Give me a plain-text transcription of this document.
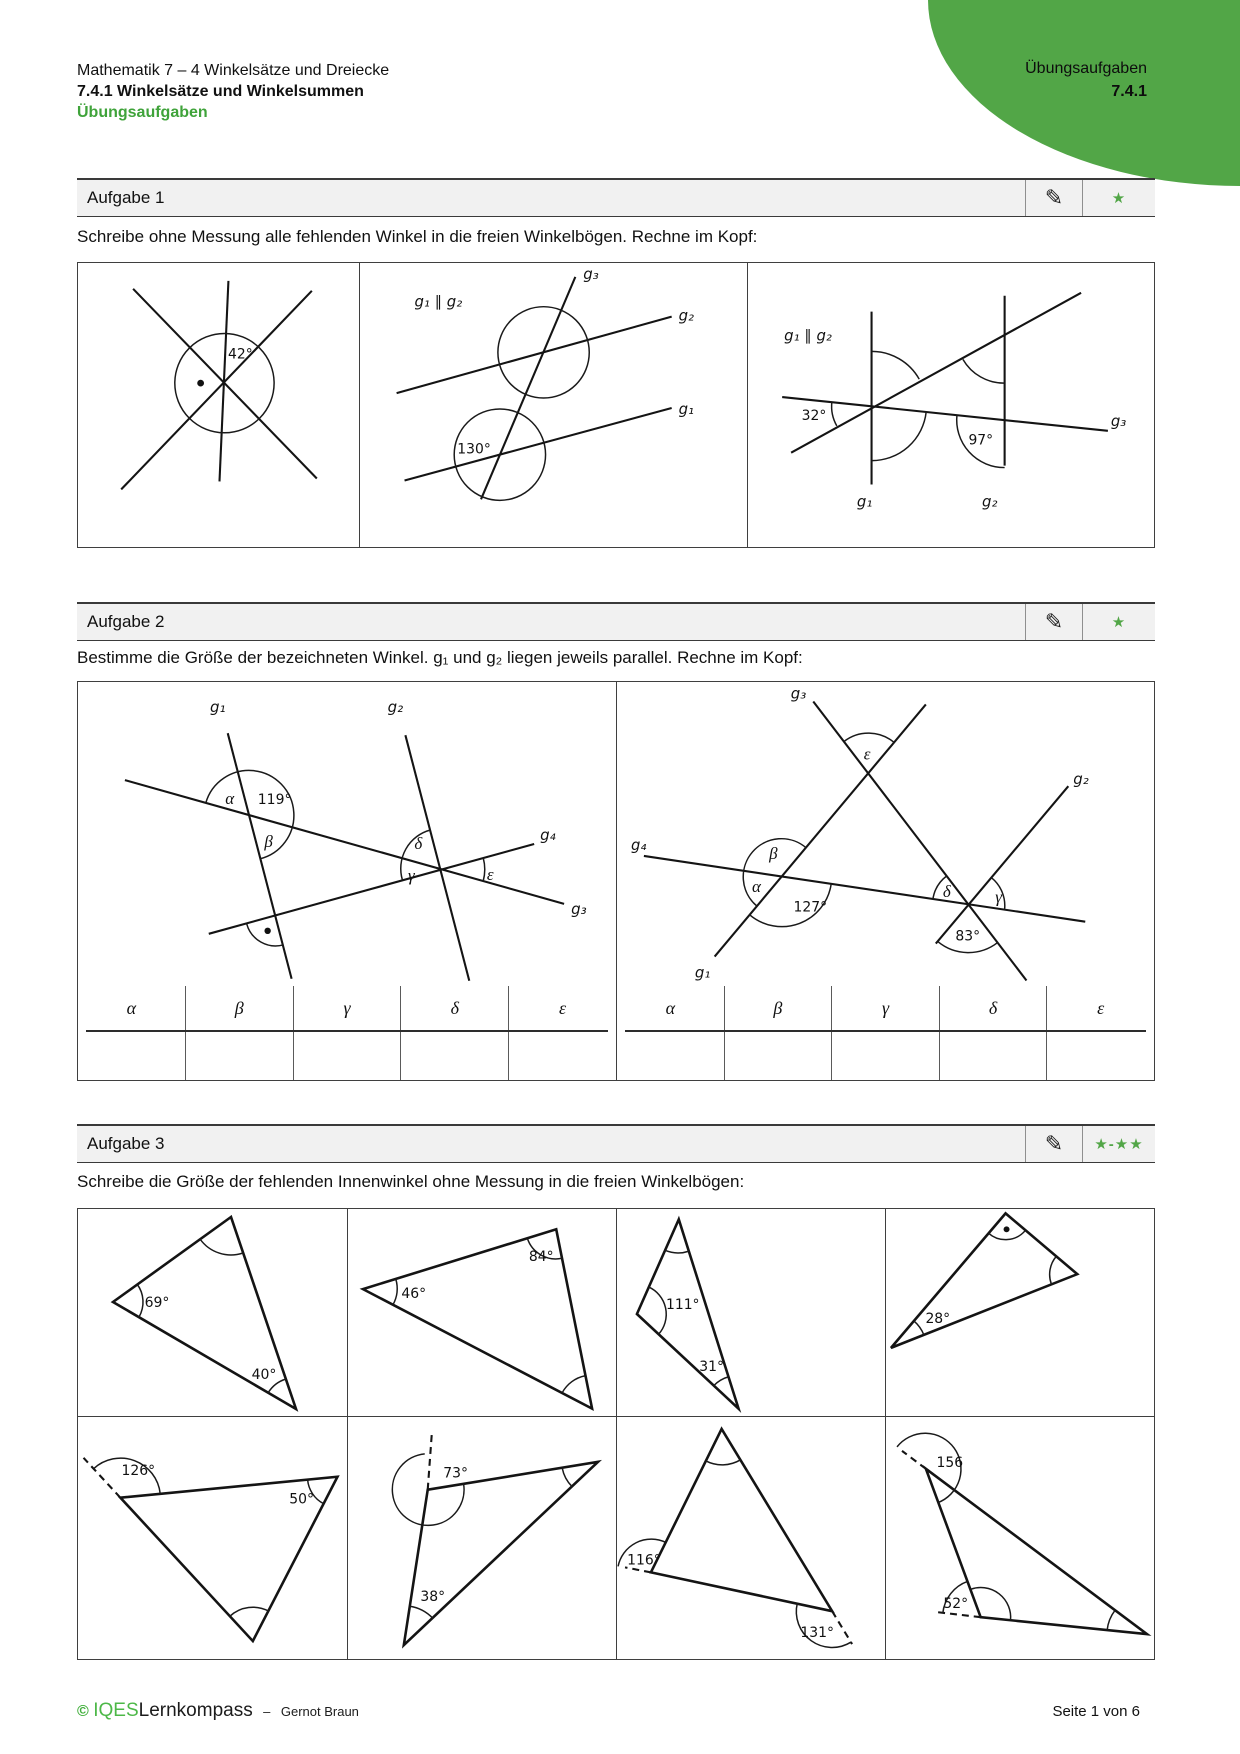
Übungsaufgaben
7.4.1
Mathematik 7 – 4 Winkelsätze und Dreiecke
7.4.1 Winkelsätze und Winkelsummen
Übungsaufgaben
Aufgabe 1	✎	★
Schreibe ohne Messung alle fehlenden Winkel in die freien Winkelbögen. Rechne im Kopf:
42°
g₁ ∥ g₂
g₃
g₂
g₁
130°
g₁ ∥ g₂
32°
97°
g₁	g₂
g₃
Aufgabe 2	✎	★
Bestimme die Größe der bezeichneten Winkel. g₁ und g₂ liegen jeweils parallel. Rechne im Kopf:
g₁	g₂
g₃
g₄
α 119°
β	δ
γ	ε
α	β	γ	δ	ε
g₃
g₂
g₄
g₁
ε
β
α
127°
δ	γ
83°
α	β	γ	δ	ε
Aufgabe 3	✎ ★-★★
Schreibe die Größe der fehlenden Innenwinkel ohne Messung in die freien Winkelbögen:
69°
40°
46°
84°
111°
31°
28°
126°
50°
73°
38°
116°
131°
156
52°
© IQESLernkompass – Gernot Braun	Seite 1 von 6
